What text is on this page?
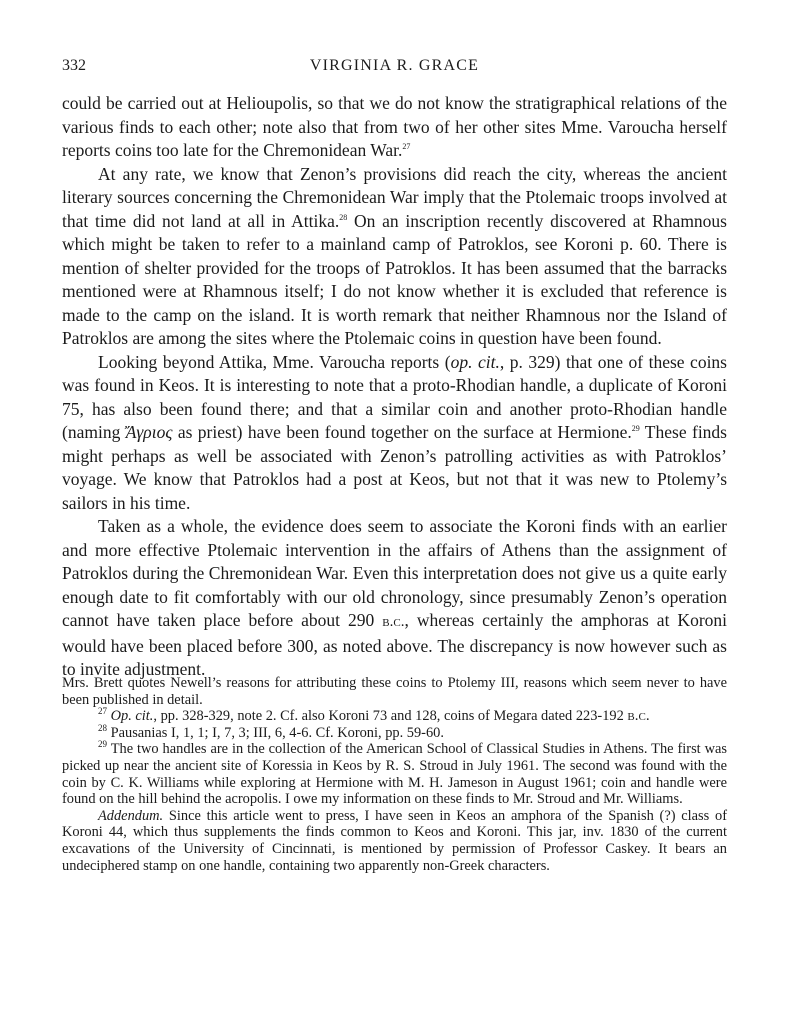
332	VIRGINIA R. GRACE

could be carried out at Helioupolis, so that we do not know the stratigraphical relations of the various finds to each other; note also that from two of her other sites Mme. Varoucha herself reports coins too late for the Chremonidean War.$^{27}$

At any rate, we know that Zenon’s provisions did reach the city, whereas the ancient literary sources concerning the Chremonidean War imply that the Ptolemaic troops involved at that time did not land at all in Attika.$^{28}$ On an inscription recently discovered at Rhamnous which might be taken to refer to a mainland camp of Patroklos, see Koroni p. 60. There is mention of shelter provided for the troops of Patroklos. It has been assumed that the barracks mentioned were at Rhamnous itself; I do not know whether it is excluded that reference is made to the camp on the island. It is worth remark that neither Rhamnous nor the Island of Patroklos are among the sites where the Ptolemaic coins in question have been found.

Looking beyond Attika, Mme. Varoucha reports (op. cit., p. 329) that one of these coins was found in Keos. It is interesting to note that a proto-Rhodian handle, a duplicate of Koroni 75, has also been found there; and that a similar coin and another proto-Rhodian handle (naming Ἄγριος as priest) have been found together on the surface at Hermione.$^{29}$ These finds might perhaps as well be associated with Zenon’s patrolling activities as with Patroklos’ voyage. We know that Patroklos had a post at Keos, but not that it was new to Ptolemy’s sailors in his time.

Taken as a whole, the evidence does seem to associate the Koroni finds with an earlier and more effective Ptolemaic intervention in the affairs of Athens than the assignment of Patroklos during the Chremonidean War. Even this interpretation does not give us a quite early enough date to fit comfortably with our old chronology, since presumably Zenon’s operation cannot have taken place before about 290 b.c., whereas certainly the amphoras at Koroni would have been placed before 300, as noted above. The discrepancy is now however such as to invite adjustment.

Mrs. Brett quotes Newell’s reasons for attributing these coins to Ptolemy III, reasons which seem never to have been published in detail.

$^{27}$ Op. cit., pp. 328-329, note 2. Cf. also Koroni 73 and 128, coins of Megara dated 223-192 b.c.

$^{28}$ Pausanias I, 1, 1; I, 7, 3; III, 6, 4-6. Cf. Koroni, pp. 59-60.

$^{29}$ The two handles are in the collection of the American School of Classical Studies in Athens. The first was picked up near the ancient site of Koressia in Keos by R. S. Stroud in July 1961. The second was found with the coin by C. K. Williams while exploring at Hermione with M. H. Jameson in August 1961; coin and handle were found on the hill behind the acropolis. I owe my information on these finds to Mr. Stroud and Mr. Williams.

Addendum. Since this article went to press, I have seen in Keos an amphora of the Spanish (?) class of Koroni 44, which thus supplements the finds common to Keos and Koroni. This jar, inv. 1830 of the current excavations of the University of Cincinnati, is mentioned by permission of Professor Caskey. It bears an undeciphered stamp on one handle, containing two apparently non-Greek characters.
